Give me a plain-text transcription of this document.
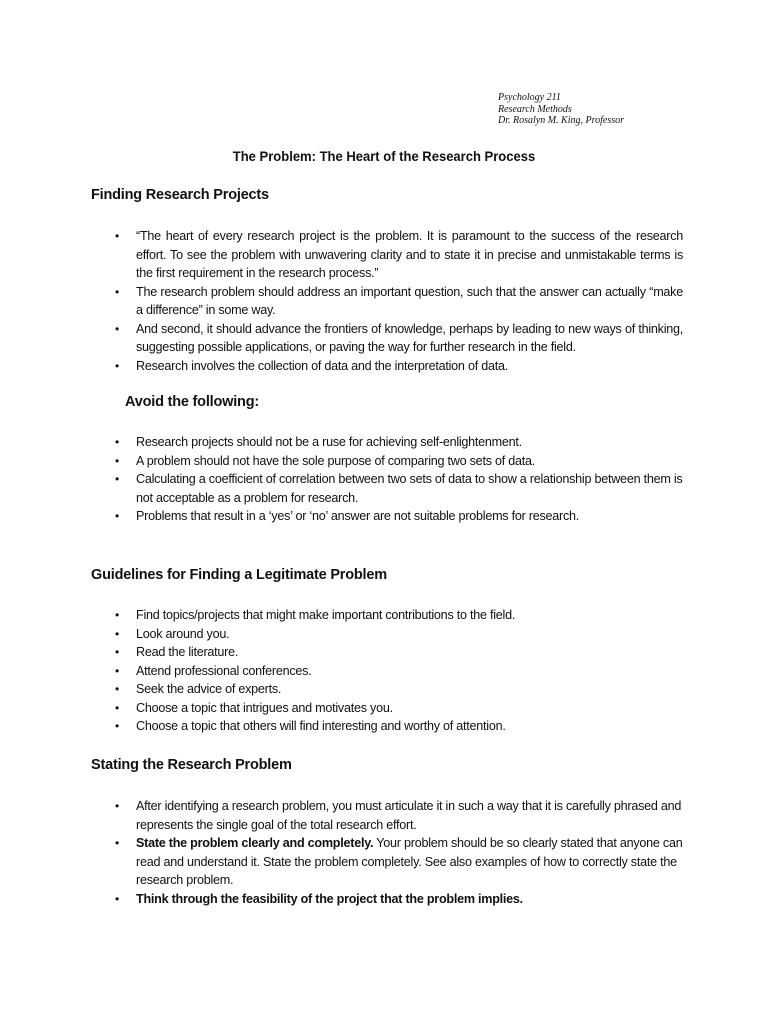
Psychology 211
Research Methods
Dr. Rosalyn M. King, Professor
The Problem: The Heart of the Research Process
Finding Research Projects
• “The heart of every research project is the problem. It is paramount to the success of the research effort. To see the problem with unwavering clarity and to state it in precise and unmistakable terms is the first requirement in the research process.”
• The research problem should address an important question, such that the answer can actually “make a difference” in some way.
• And second, it should advance the frontiers of knowledge, perhaps by leading to new ways of thinking, suggesting possible applications, or paving the way for further research in the field.
• Research involves the collection of data and the interpretation of data.
Avoid the following:
• Research projects should not be a ruse for achieving self-enlightenment.
• A problem should not have the sole purpose of comparing two sets of data.
• Calculating a coefficient of correlation between two sets of data to show a relationship between them is not acceptable as a problem for research.
• Problems that result in a ‘yes’ or ‘no’ answer are not suitable problems for research.
Guidelines for Finding a Legitimate Problem
• Find topics/projects that might make important contributions to the field.
• Look around you.
• Read the literature.
• Attend professional conferences.
• Seek the advice of experts.
• Choose a topic that intrigues and motivates you.
• Choose a topic that others will find interesting and worthy of attention.
Stating the Research Problem
• After identifying a research problem, you must articulate it in such a way that it is carefully phrased and represents the single goal of the total research effort.
• State the problem clearly and completely. Your problem should be so clearly stated that anyone can read and understand it. State the problem completely. See also examples of how to correctly state the research problem.
• Think through the feasibility of the project that the problem implies.
